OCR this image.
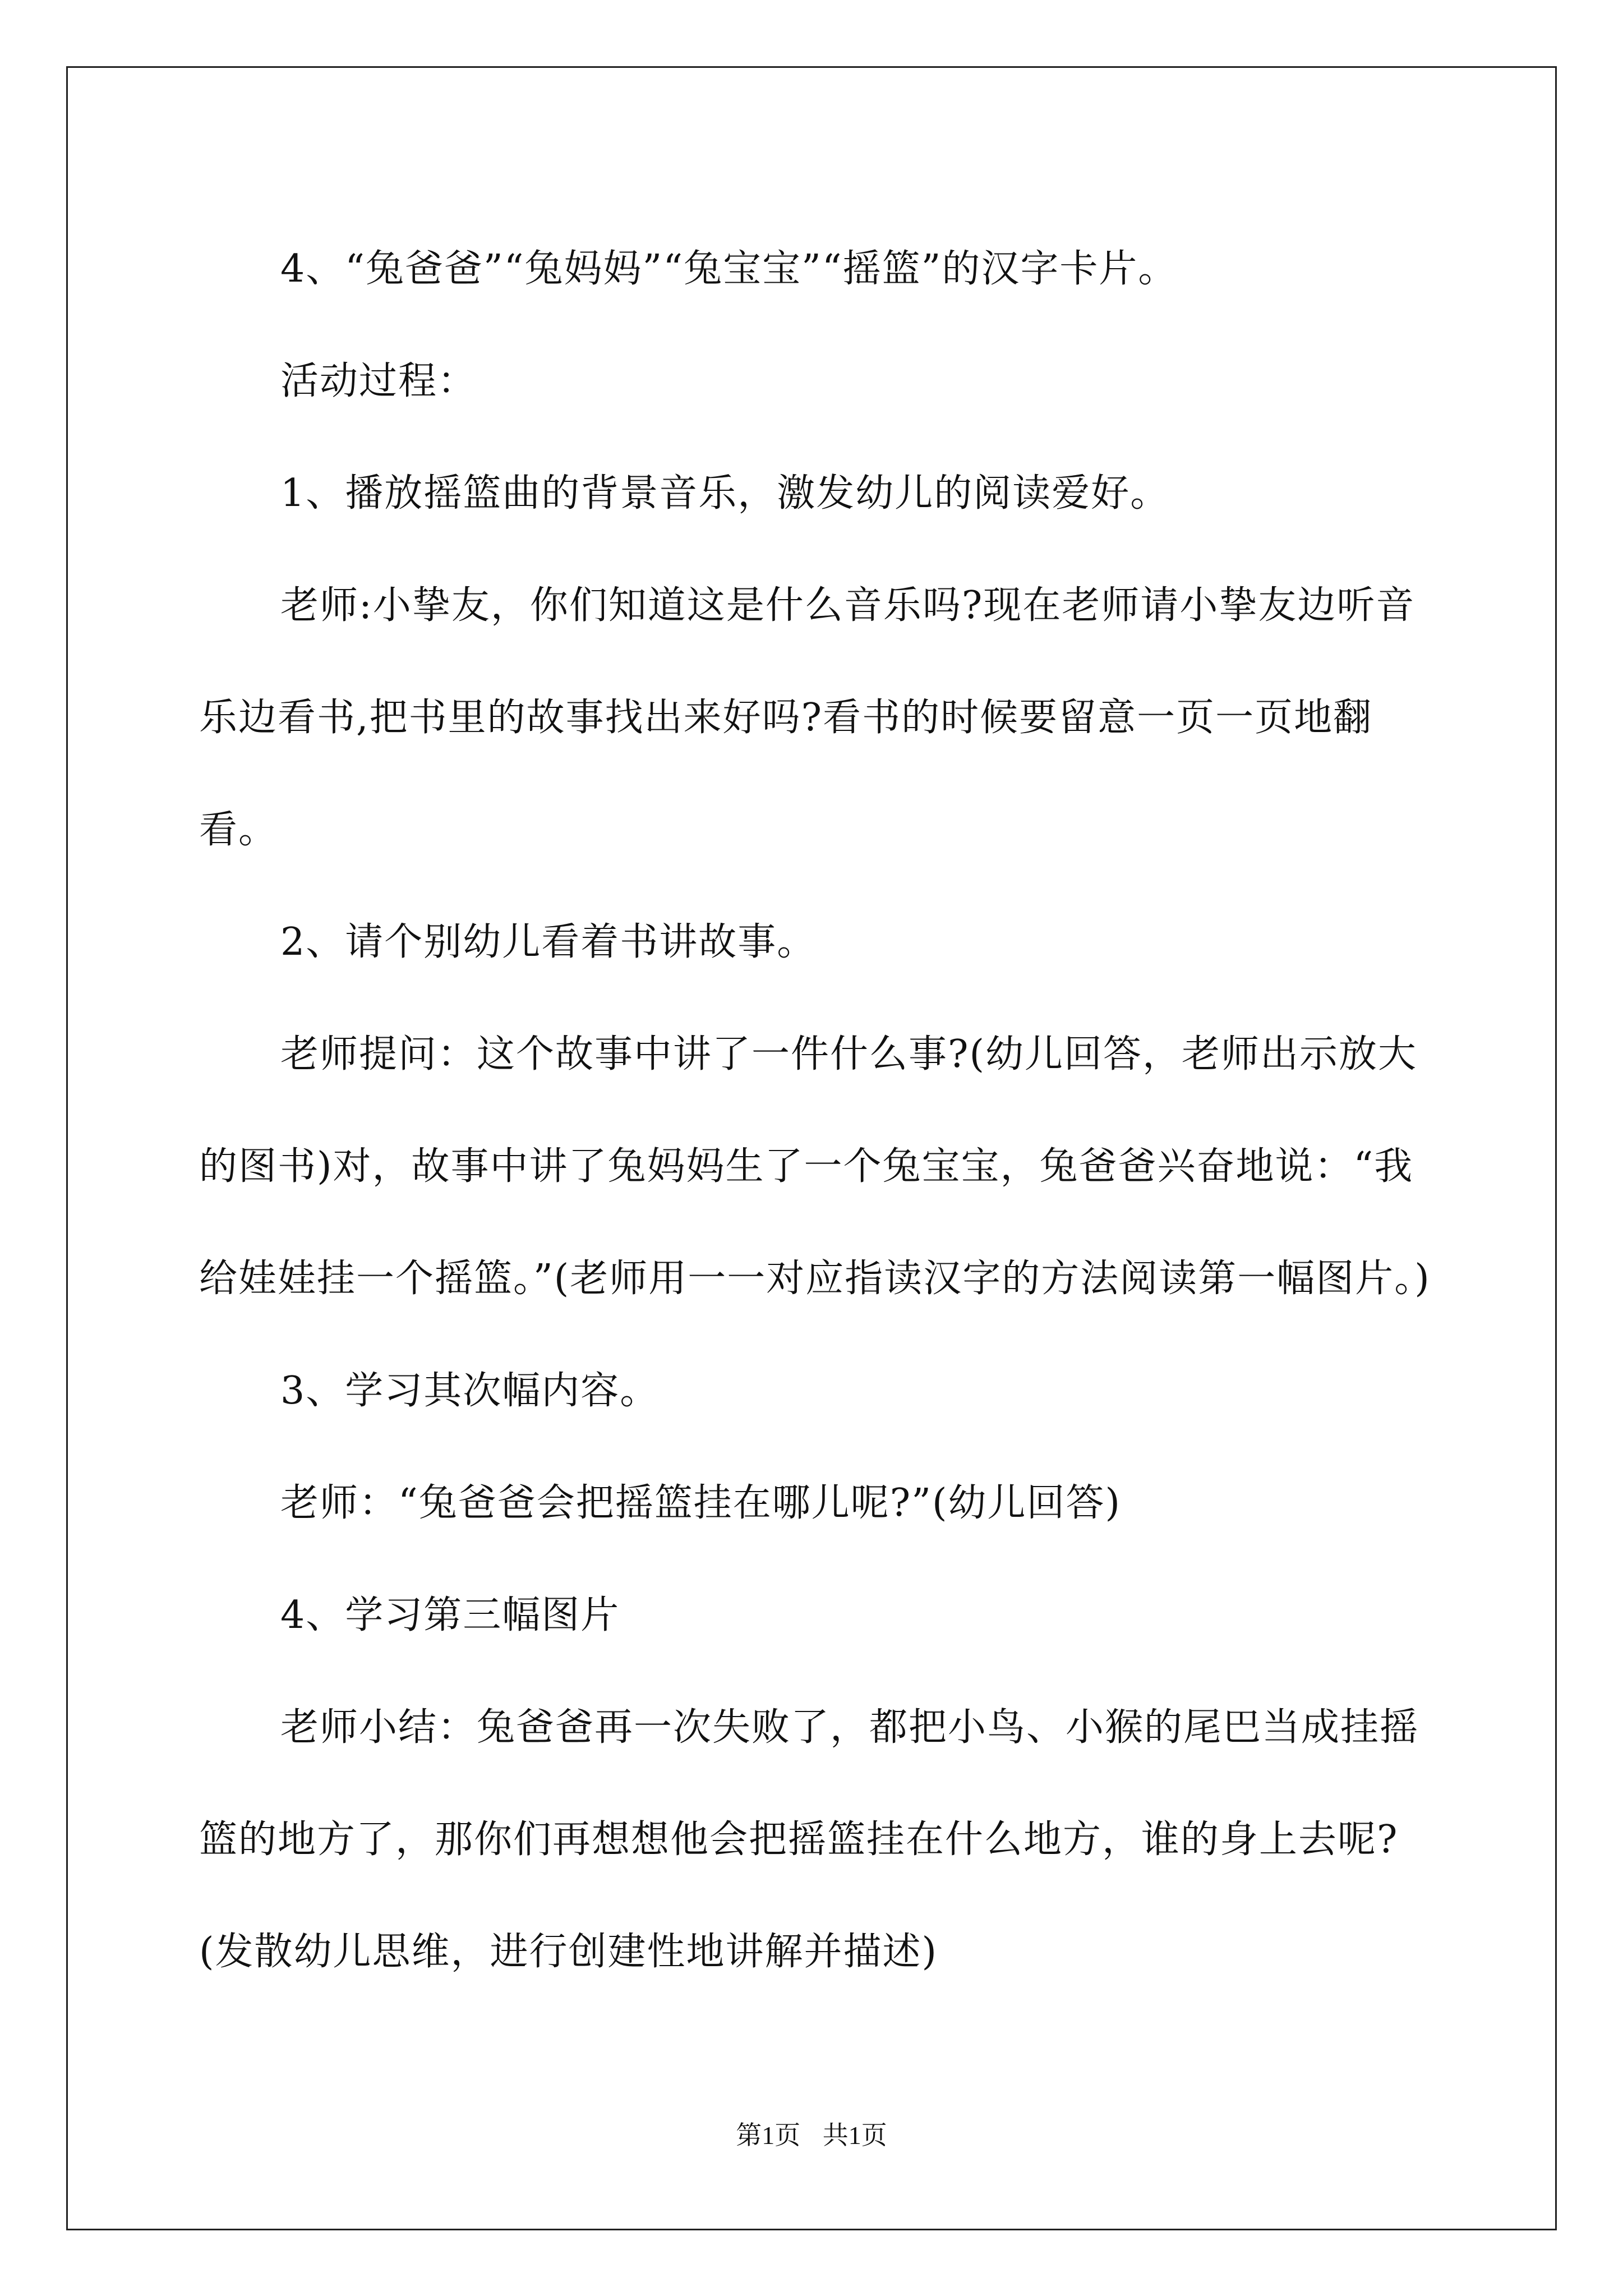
4、“兔爸爸”“兔妈妈”“兔宝宝”“摇篮”的汉字卡片。

活动过程：

1、播放摇篮曲的背景音乐，激发幼儿的阅读爱好。

老师:小挚友，你们知道这是什么音乐吗?现在老师请小挚友边听音乐边看书,把书里的故事找出来好吗?看书的时候要留意一页一页地翻看。

2、请个别幼儿看着书讲故事。

老师提问：这个故事中讲了一件什么事?(幼儿回答，老师出示放大的图书)对，故事中讲了兔妈妈生了一个兔宝宝，兔爸爸兴奋地说：“我给娃娃挂一个摇篮。”(老师用一一对应指读汉字的方法阅读第一幅图片。)

3、学习其次幅内容。

老师：“兔爸爸会把摇篮挂在哪儿呢?”(幼儿回答)

4、学习第三幅图片

老师小结：兔爸爸再一次失败了，都把小鸟、小猴的尾巴当成挂摇篮的地方了，那你们再想想他会把摇篮挂在什么地方，谁的身上去呢?(发散幼儿思维，进行创建性地讲解并描述)

第1页 共1页
